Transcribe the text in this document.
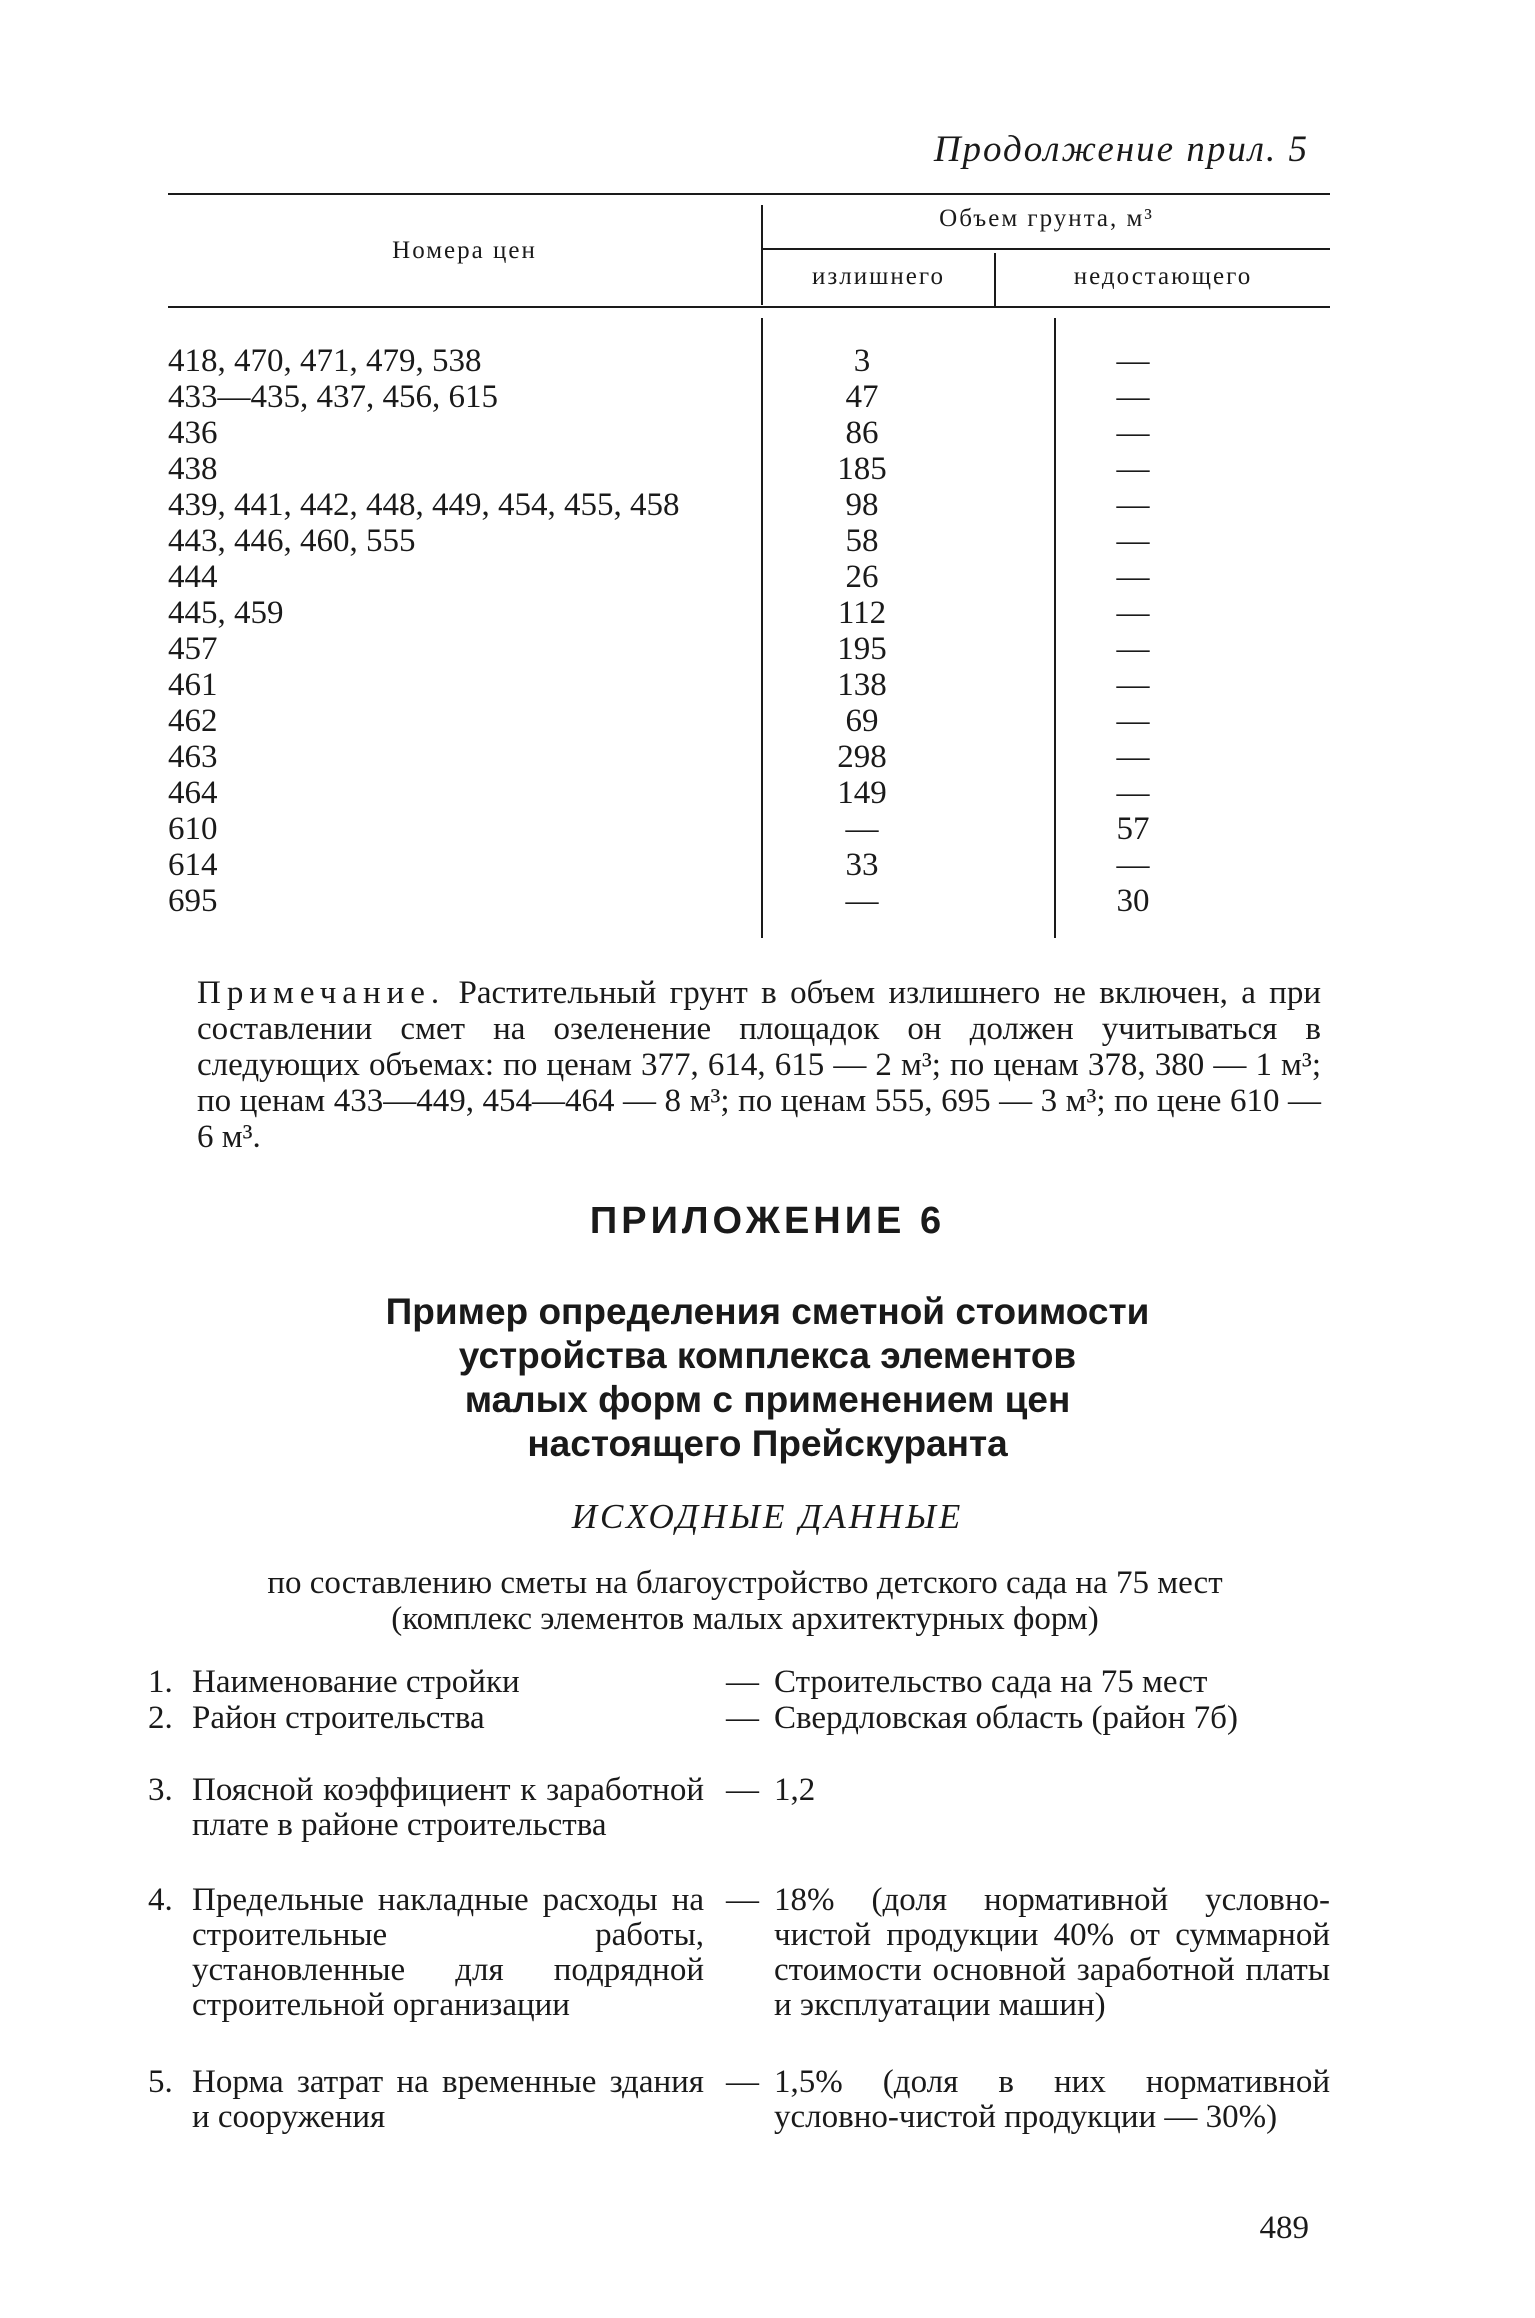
Продолжение прил. 5
Номера цен
Объем грунта, м³
излишнего	недостающего
418, 470, 471, 479, 538	3	—
433—435, 437, 456, 615	47	—
436	86	—
438	185	—
439, 441, 442, 448, 449, 454, 455, 458	98	—
443, 446, 460, 555	58	—
444	26	—
445, 459	112	—
457	195	—
461	138	—
462	69	—
463	298	—
464	149	—
610	—	57
614	33	—
695	—	30
Примечание. Растительный грунт в объем излишнего не включен, а при составлении смет на озеленение площадок он должен учитываться в следующих объемах: по ценам 377, 614, 615 — 2 м³; по ценам 378, 380 — 1 м³; по ценам 433—449, 454—464 — 8 м³; по ценам 555, 695 — 3 м³; по цене 610 — 6 м³.
ПРИЛОЖЕНИЕ 6
Пример определения сметной стоимости
устройства комплекса элементов
малых форм с применением цен
настоящего Прейскуранта
ИСХОДНЫЕ ДАННЫЕ
по составлению сметы на благоустройство детского сада на 75 мест
(комплекс элементов малых архитектурных форм)
1. Наименование стройки	— Строительство сада на 75 мест
2. Район строительства	— Свердловская область (район 7б)
3. Поясной коэффициент к заработной плате в районе строительства
— 1,2
4. Предельные накладные расходы на строительные работы, установленные для подрядной строительной организации
— 18% (доля нормативной условно-чистой продукции 40% от суммарной стоимости основной заработной платы и эксплуатации машин)
5. Норма затрат на временные здания и сооружения
— 1,5% (доля в них нормативной условно-чистой продукции — 30%)
489
